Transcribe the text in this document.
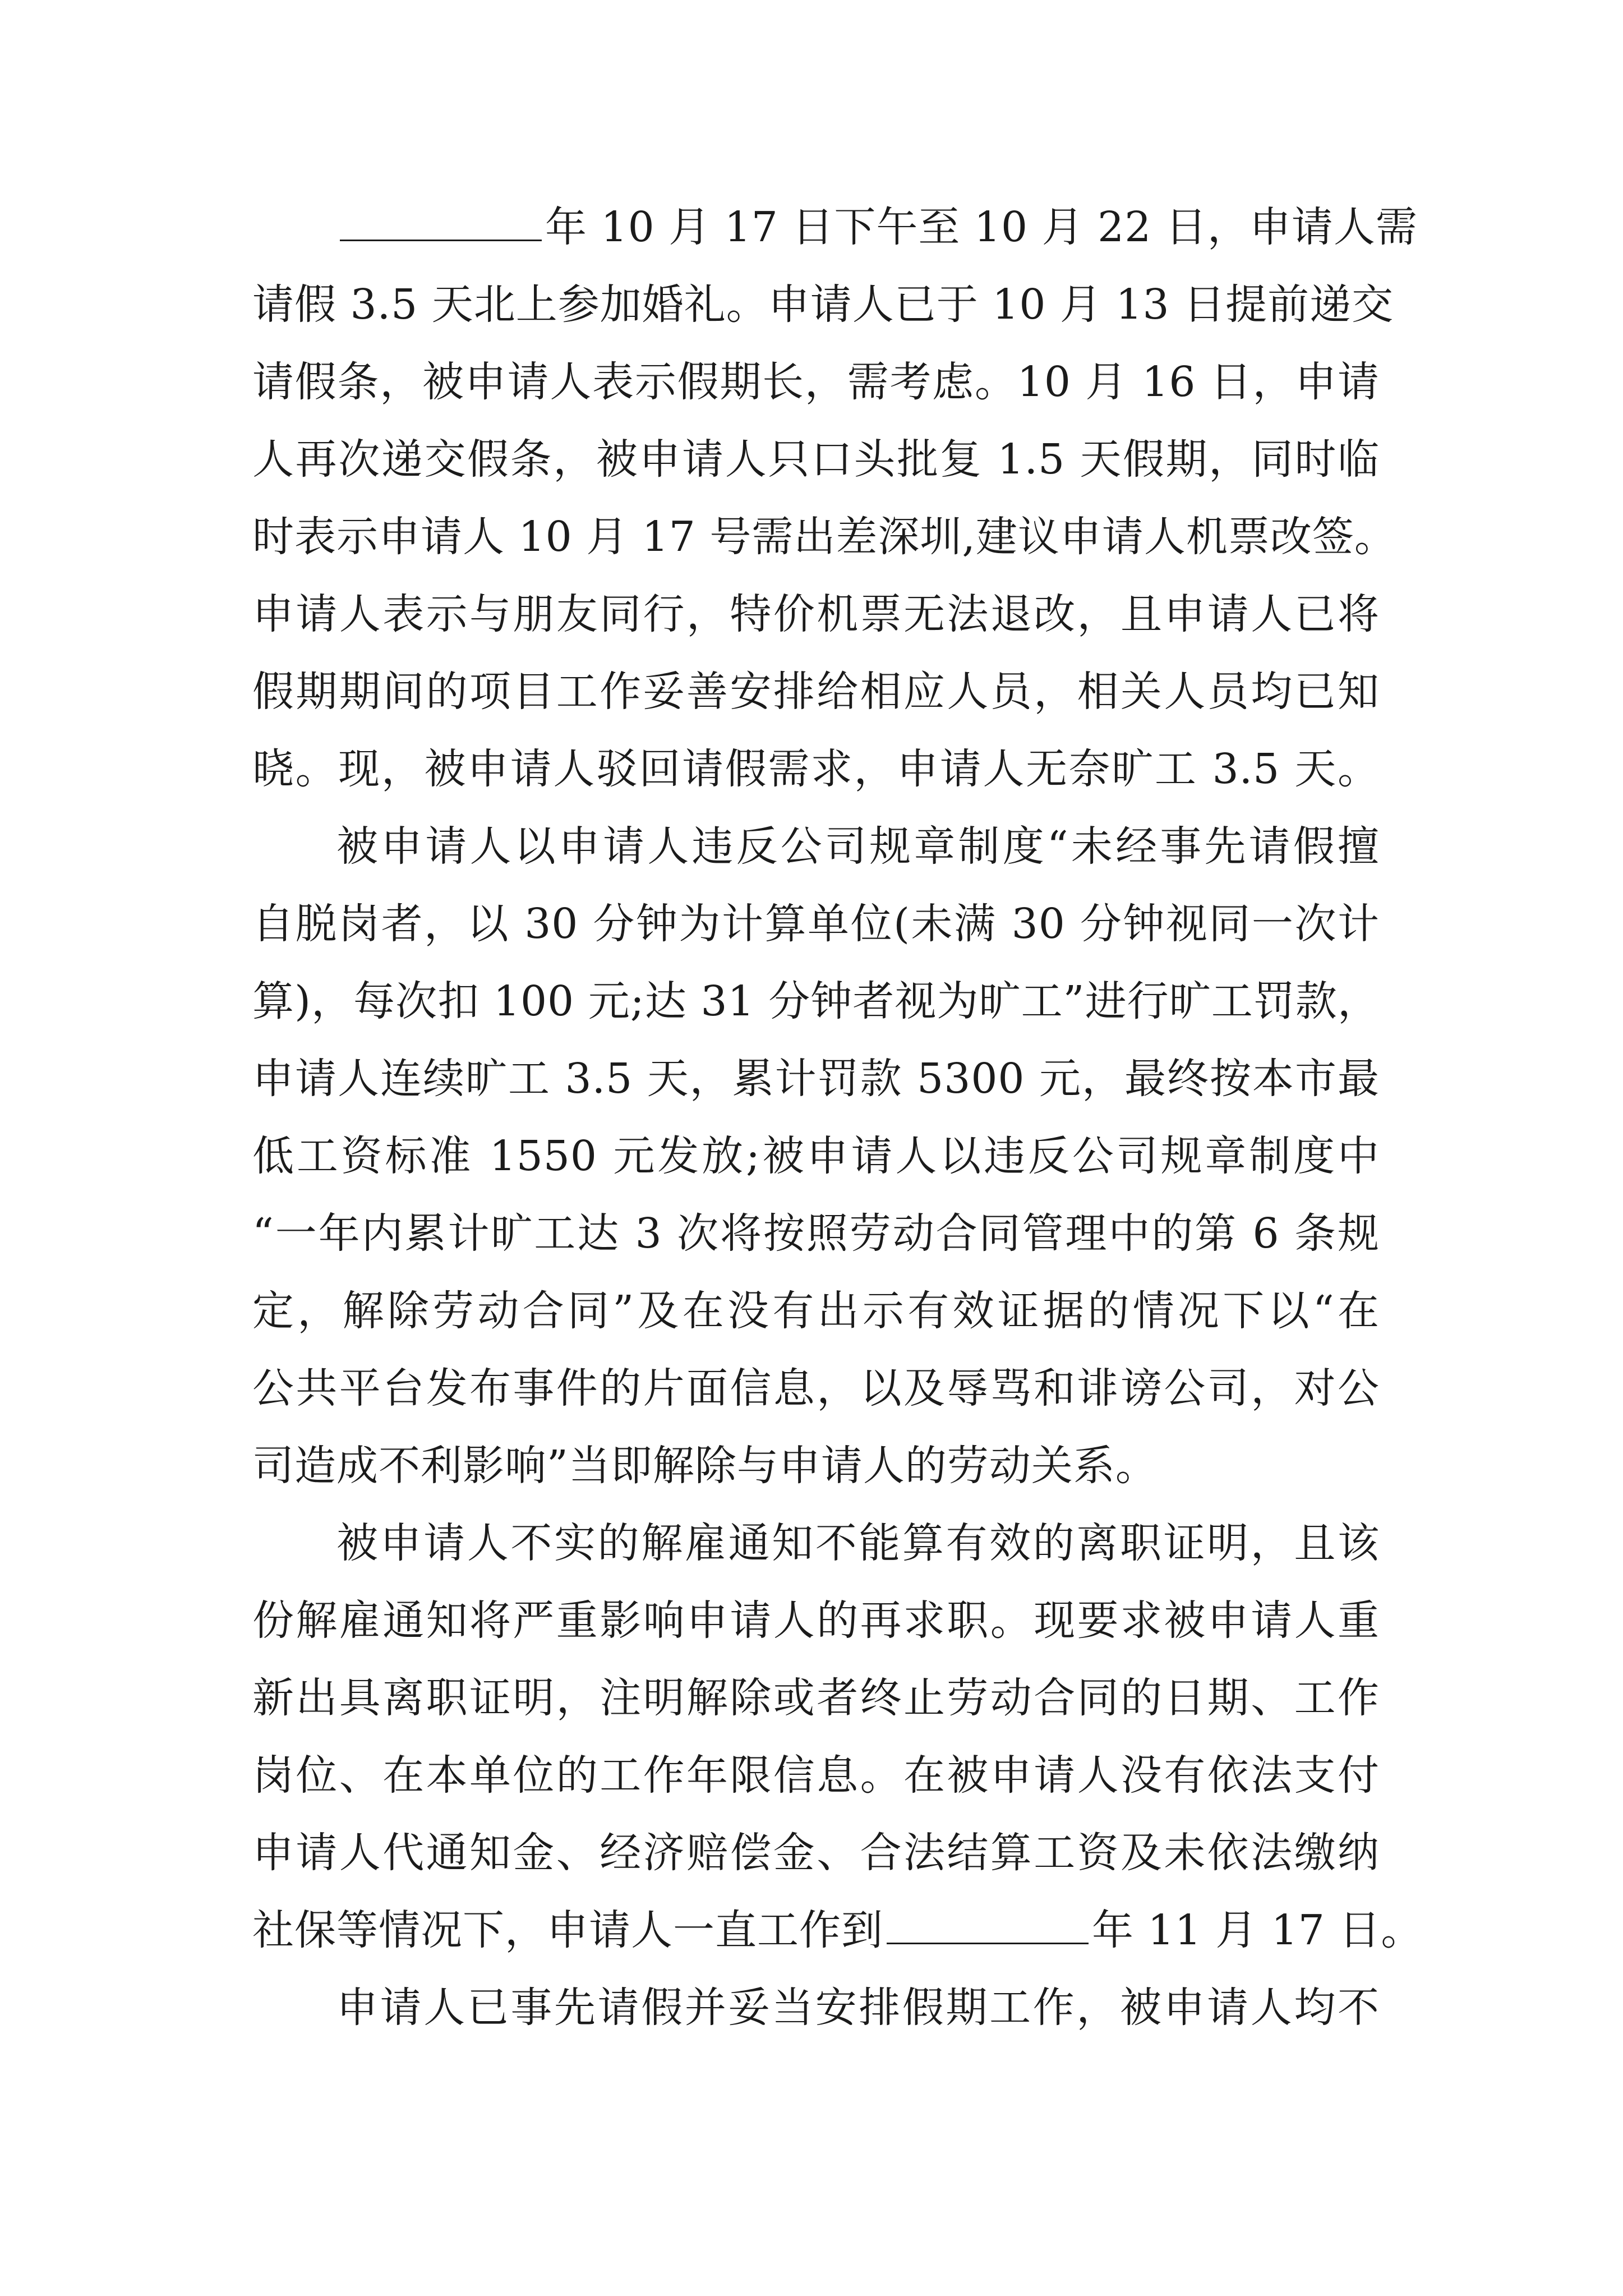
年 10 月 17 日下午至 10 月 22 日，申请人需

请假 3.5 天北上参加婚礼。申请人已于 10 月 13 日提前递交

请假条，被申请人表示假期长，需考虑。10 月 16 日，申请

人再次递交假条，被申请人只口头批复 1.5 天假期，同时临

时表示申请人 10 月 17 号需出差深圳,建议申请人机票改签。

申请人表示与朋友同行，特价机票无法退改，且申请人已将

假期期间的项目工作妥善安排给相应人员，相关人员均已知

晓。现，被申请人驳回请假需求，申请人无奈旷工 3.5 天。

被申请人以申请人违反公司规章制度“未经事先请假擅

自脱岗者，以 30 分钟为计算单位(未满 30 分钟视同一次计

算)，每次扣 100 元;达 31 分钟者视为旷工”进行旷工罚款，

申请人连续旷工 3.5 天，累计罚款 5300 元，最终按本市最

低工资标准 1550 元发放;被申请人以违反公司规章制度中

“一年内累计旷工达 3 次将按照劳动合同管理中的第 6 条规

定，解除劳动合同”及在没有出示有效证据的情况下以“在

公共平台发布事件的片面信息，以及辱骂和诽谤公司，对公

司造成不利影响”当即解除与申请人的劳动关系。

被申请人不实的解雇通知不能算有效的离职证明，且该

份解雇通知将严重影响申请人的再求职。现要求被申请人重

新出具离职证明，注明解除或者终止劳动合同的日期、工作

岗位、在本单位的工作年限信息。在被申请人没有依法支付

申请人代通知金、经济赔偿金、合法结算工资及未依法缴纳

社保等情况下，申请人一直工作到	年 11 月 17 日。

申请人已事先请假并妥当安排假期工作，被申请人均不
